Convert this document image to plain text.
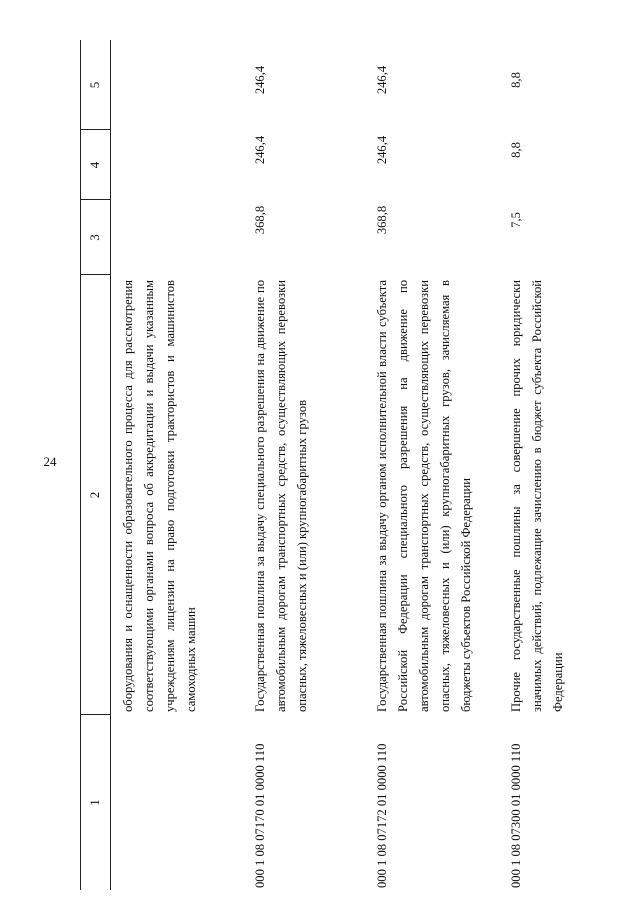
24
1
2
3
4
5
оборудования и оснащенности образовательного процесса для рассмотрения соответствующими органами вопроса об аккредитации и выдачи указанным учреждениям лицензии на право подготовки трактористов и машинистов самоходных машин
000 1 08 07170 01 0000 110
Государственная пошлина за выдачу специального разрешения на движение по автомобильным дорогам транспортных средств, осуществляющих перевозки опасных, тяжеловесных и (или) крупногабаритных грузов
368,8
246,4
246,4
000 1 08 07172 01 0000 110
Государственная пошлина за выдачу органом исполнительной власти субъекта Российской Федерации специального разрешения на движение по автомобильным дорогам транспортных средств, осуществляющих перевозки опасных, тяжеловесных и (или) крупногабаритных грузов, зачисляемая в бюджеты субъектов Российской Федерации
368,8
246,4
246,4
000 1 08 07300 01 0000 110
Прочие государственные пошлины за совершение прочих юридически значимых действий, подлежащие зачислению в бюджет субъекта Российской Федерации
7,5
8,8
8,8
